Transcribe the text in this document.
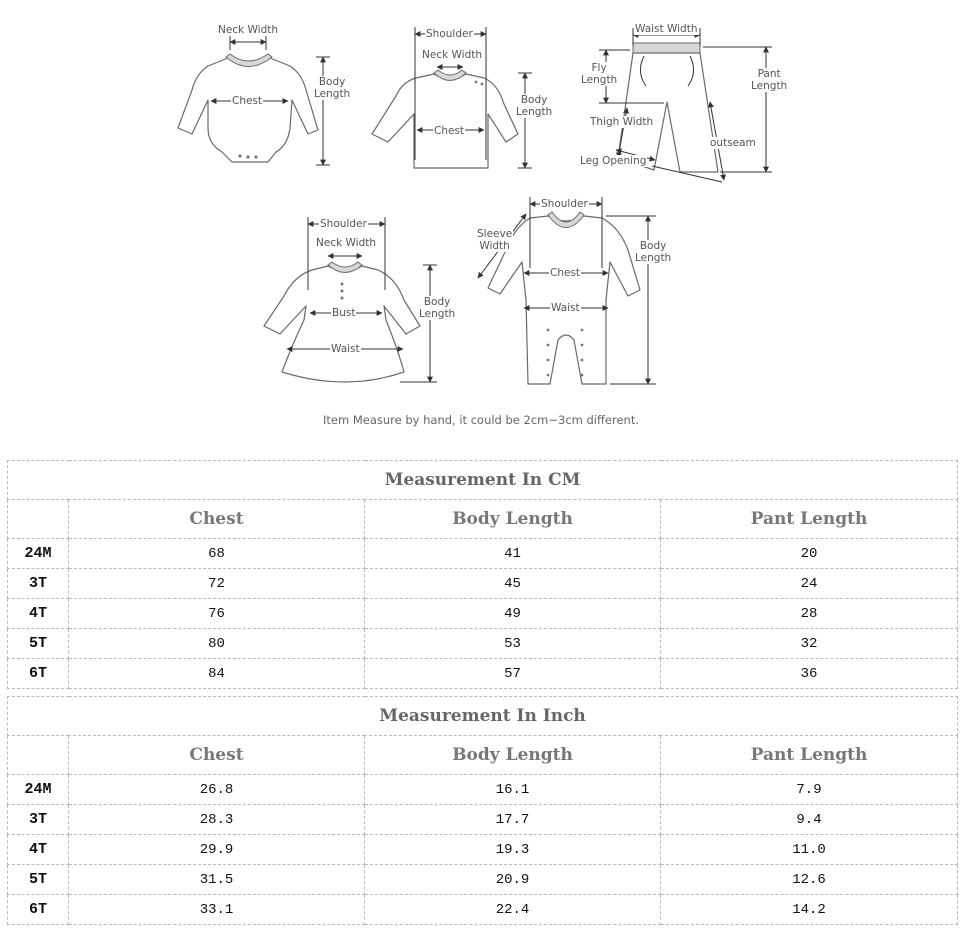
Neck Width
Body
Length
Chest
Shoulder
Neck Width
Body
Length
Chest
Waist Width
Fly
Length	Pant
Length
Thigh Width
outseam
Leg Opening
Shoulder
Neck Width
Body
Length
Bust
Waist
Shoulder
Sleeve
Width	Body
Length
Chest
Waist
Item Measure by hand, it could be 2cm~3cm different.
Measurement In CM			
	Chest	Body Length	Pant Length
24M	68	41	20
3T	72	45	24
4T	76	49	28
5T	80	53	32
6T	84	57	36
Measurement In Inch			
	Chest	Body Length	Pant Length
24M	26.8	16.1	7.9
3T	28.3	17.7	9.4
4T	29.9	19.3	11.0
5T	31.5	20.9	12.6
6T	33.1	22.4	14.2
